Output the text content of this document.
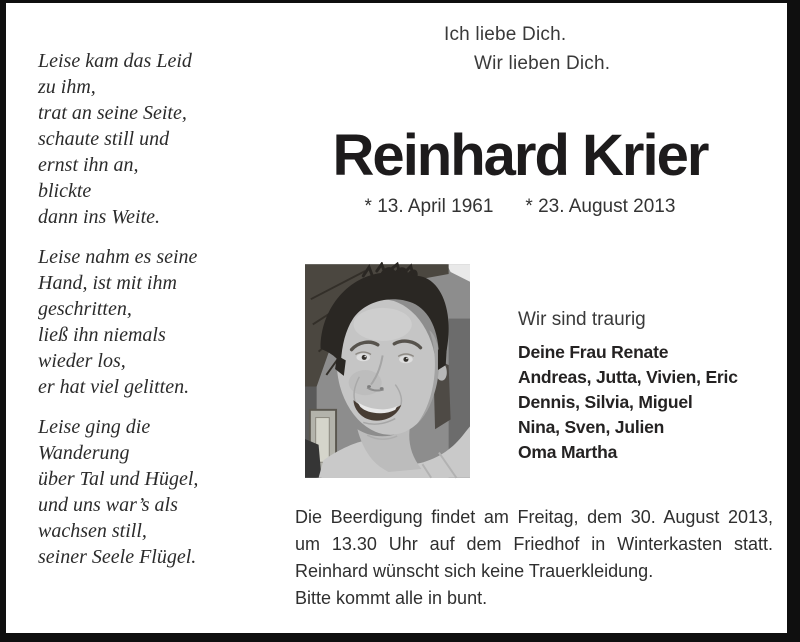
Leise kam das Leid
zu ihm,
trat an seine Seite,
schaute still und
ernst ihn an,
blickte
dann ins Weite.
Leise nahm es seine
Hand, ist mit ihm
geschritten,
ließ ihn niemals
wieder los,
er hat viel gelitten.
Leise ging die
Wanderung
über Tal und Hügel,
und uns war’s als
wachsen still,
seiner Seele Flügel.
Ich liebe Dich.
Wir lieben Dich.
Reinhard Krier
* 13. April 1961 * 23. August 2013
Wir sind traurig
Deine Frau Renate
Andreas, Jutta, Vivien, Eric
Dennis, Silvia, Miguel
Nina, Sven, Julien
Oma Martha
Die Beerdigung findet am Freitag, dem 30. August 2013,
um 13.30 Uhr auf dem Friedhof in Winterkasten statt.
Reinhard wünscht sich keine Trauerkleidung.
Bitte kommt alle in bunt.
